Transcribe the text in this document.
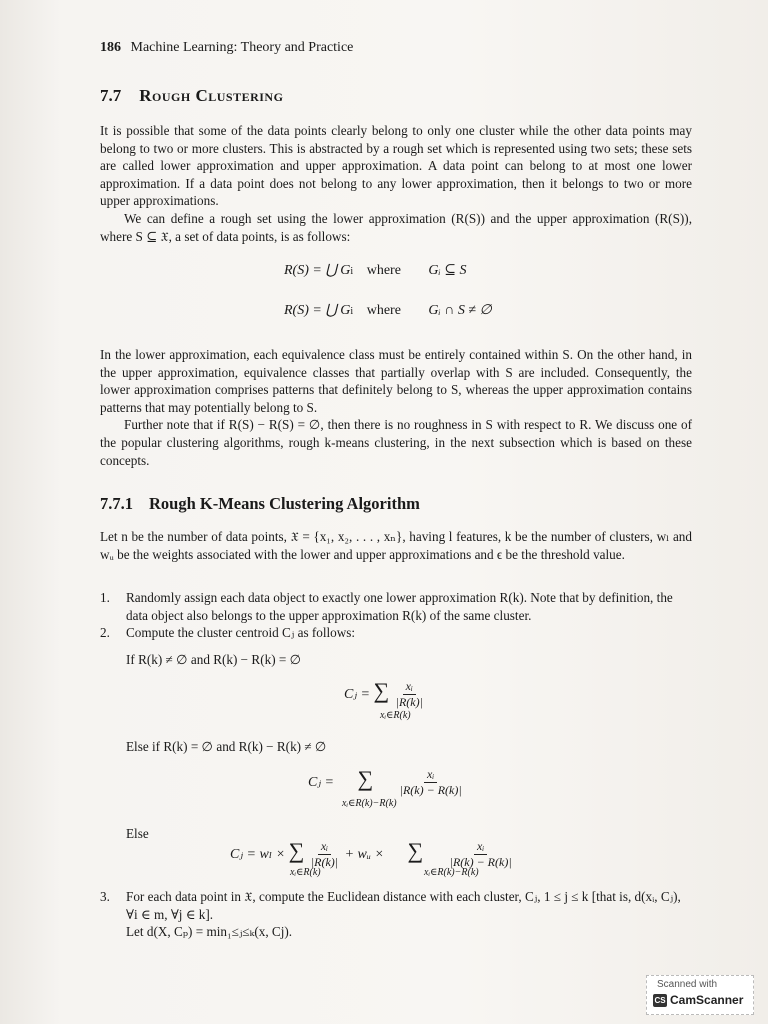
186 Machine Learning: Theory and Practice
7.7 Rough Clustering

It is possible that some of the data points clearly belong to only one cluster while the other data points may belong to two or more clusters. This is abstracted by a rough set which is represented using two sets; these sets are called lower approximation and upper approximation. A data point can belong to at most one lower approximation. If a data point does not belong to any lower approximation, then it belongs to two or more upper approximations.

We can define a rough set using the lower approximation (R(S)) and the upper approximation (R(S)), where S ⊆ 𝔛, a set of data points, is as follows:

R(S) = ⋃ Gi where Gᵢ ⊆ S
R(S) = ⋃ Gi where Gᵢ ∩ S ≠ ∅

In the lower approximation, each equivalence class must be entirely contained within S. On the other hand, in the upper approximation, equivalence classes that partially overlap with S are included. Consequently, the lower approximation comprises patterns that definitely belong to S, whereas the upper approximation contains patterns that may potentially belong to S.

Further note that if R(S) − R(S) = ∅, then there is no roughness in S with respect to R. We discuss one of the popular clustering algorithms, rough k-means clustering, in the next subsection which is based on these concepts.

7.7.1 Rough K-Means Clustering Algorithm

Let n be the number of data points, 𝔛 = {x₁, x₂, . . . , xₙ}, having l features, k be the number of clusters, wₗ and wᵤ be the weights associated with the lower and upper approximations and ϵ be the threshold value.

1. Randomly assign each data object to exactly one lower approximation R(k). Note that by definition, the data object also belongs to the upper approximation R(k) of the same cluster.
2. Compute the cluster centroid Cⱼ as follows:
If R(k) ≠ ∅ and R(k) − R(k) = ∅
Cⱼ = ∑ $\frac{\text{xᵢ}}{|R(k)|}$
xᵢ∈R(k)
Else if R(k) = ∅ and R(k) − R(k) ≠ ∅
Cⱼ = ∑ $\frac{\text{xᵢ}}{|R(k) - R(k)|}$
xᵢ∈R(k)−R(k)
Else
Cⱼ = wₗ × ∑ $\frac{\text{xᵢ}}{|R(k)|}$ + wᵤ × ∑ $\frac{\text{xᵢ}}{|R(k) - R(k)|}$
xᵢ∈R(k)	xᵢ∈R(k)−R(k)
3. For each data point in 𝔛, compute the Euclidean distance with each cluster, Cⱼ, 1 ≤ j ≤ k [that is, d(xᵢ, Cⱼ), ∀i ∈ m, ∀j ∈ k].
Let d(X, Cₚ) = min₁≤ⱼ≤ₖ(x, Cj).
Scanned with
CS CamScanner
